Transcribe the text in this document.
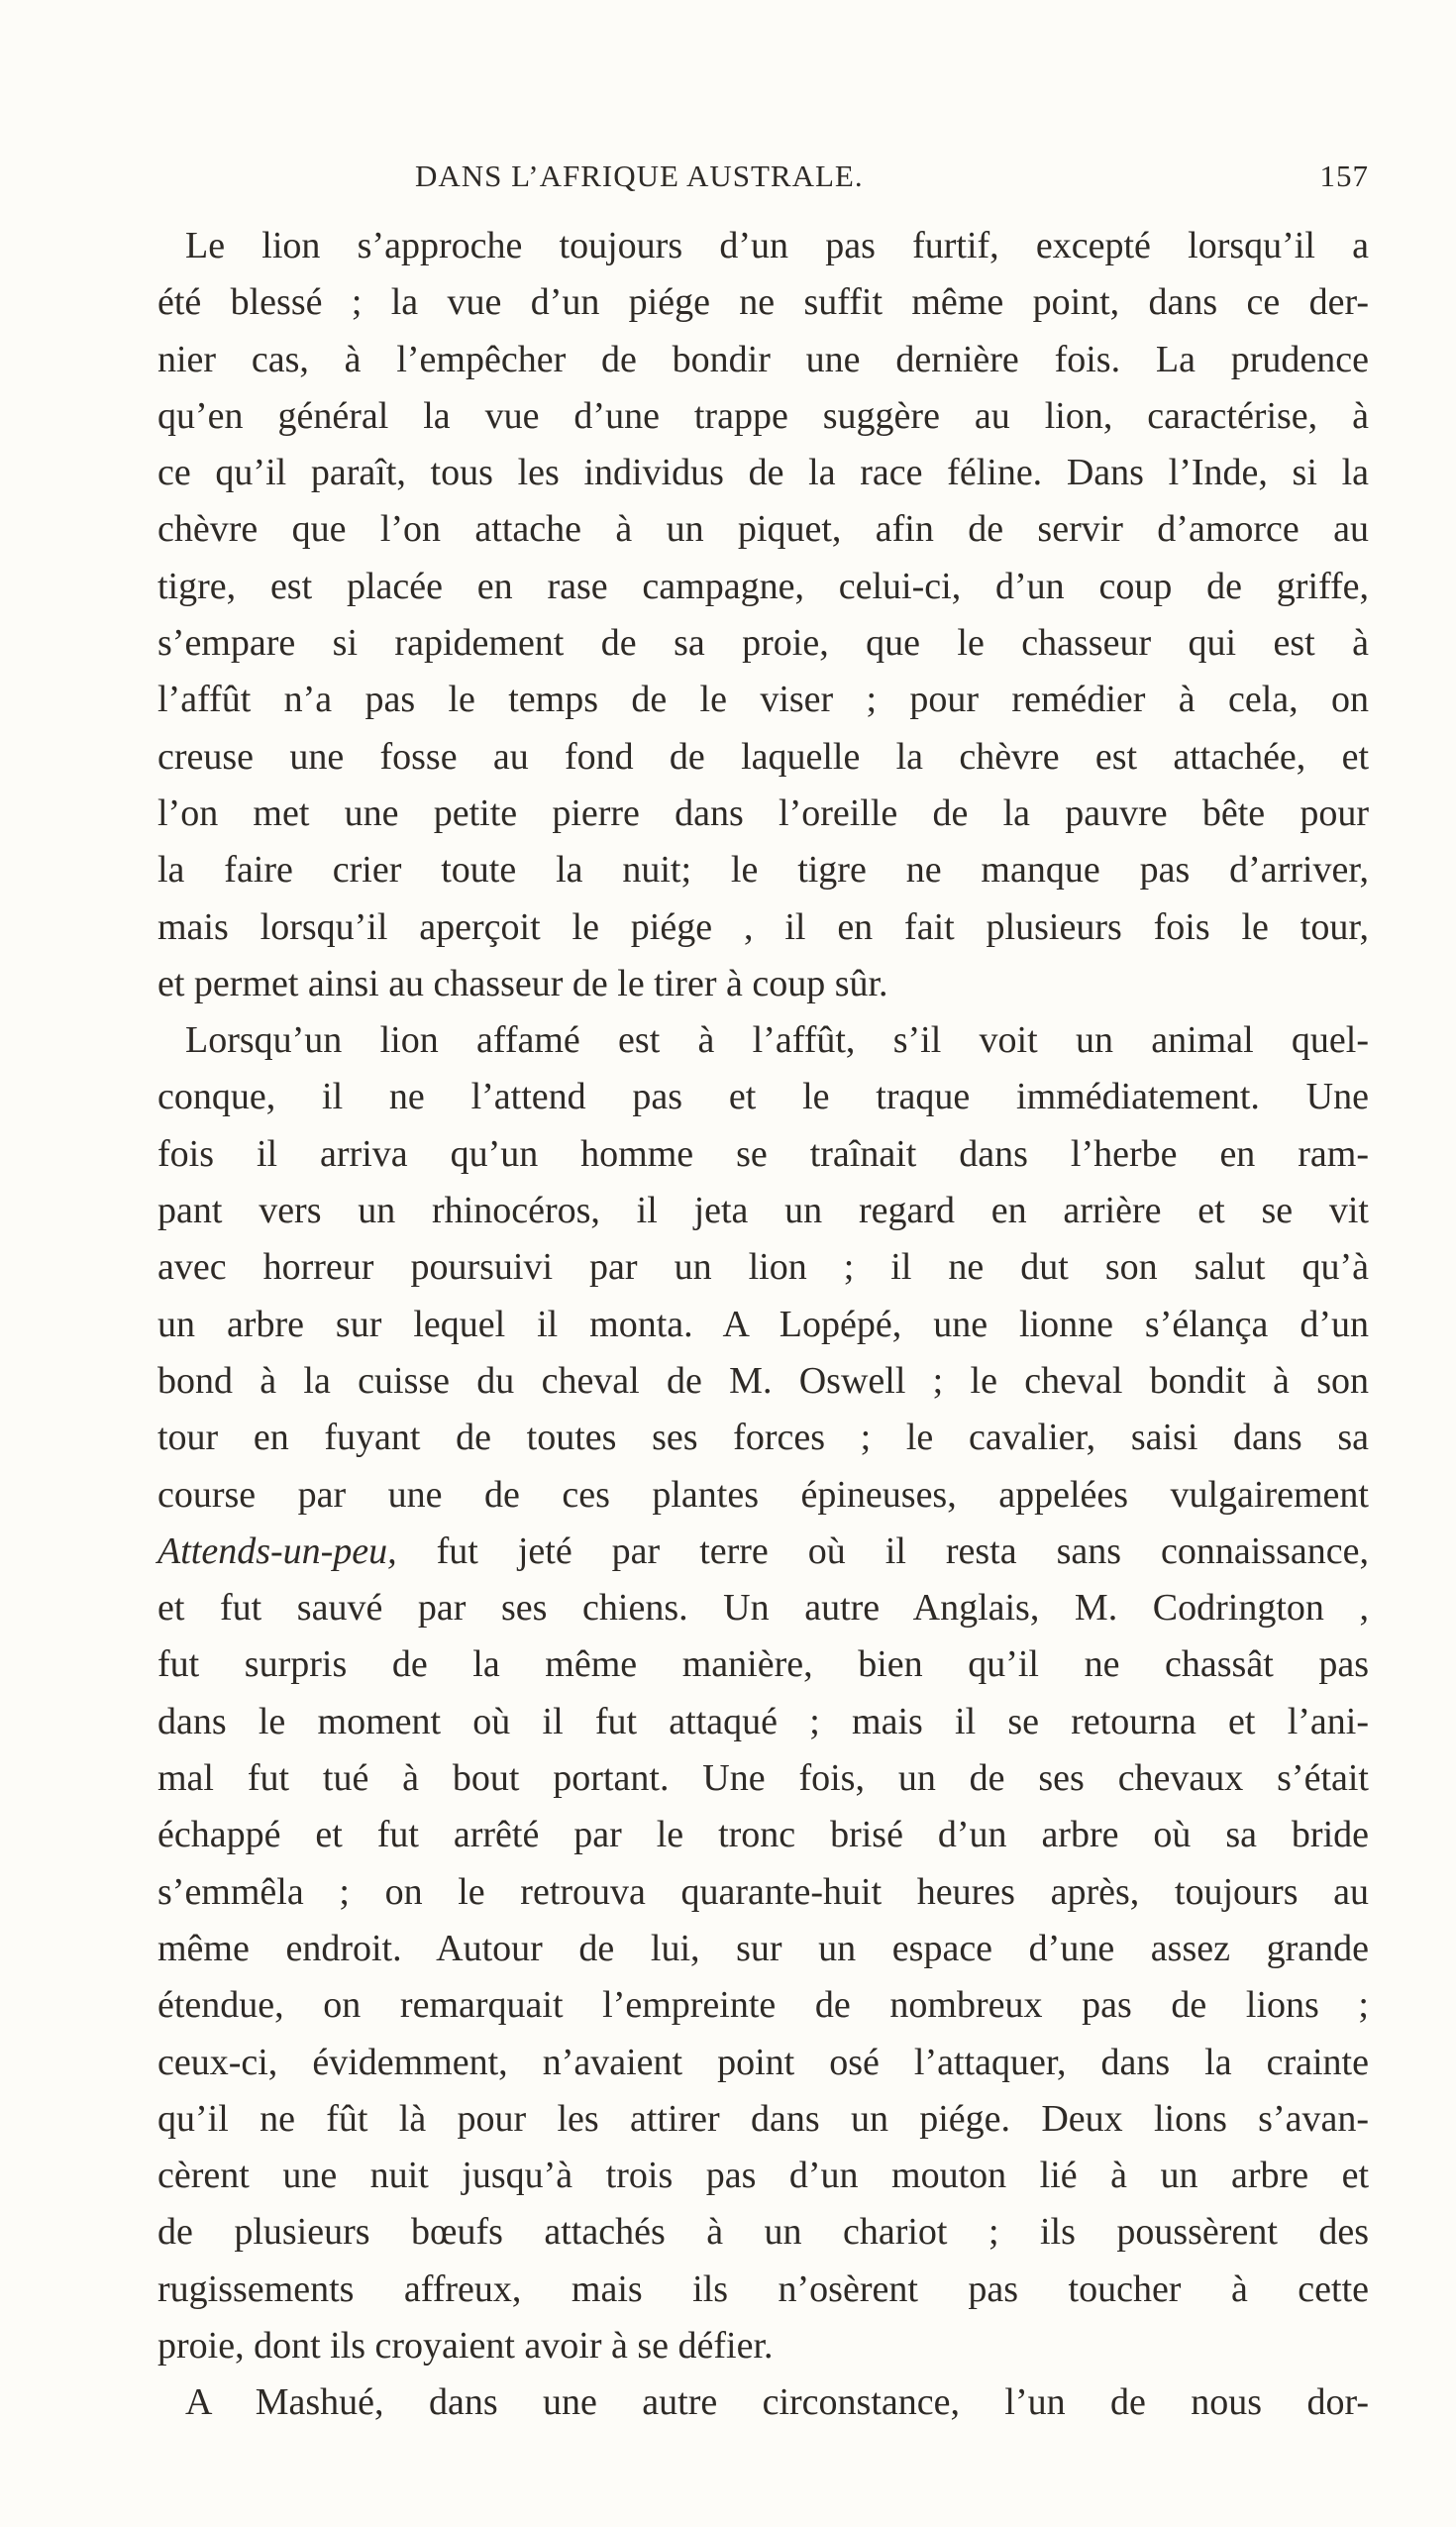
DANS L’AFRIQUE AUSTRALE.	157
Le lion s’approche toujours d’un pas furtif, excepté lorsqu’il a
été blessé ; la vue d’un piége ne suffit même point, dans ce der-
nier cas, à l’empêcher de bondir une dernière fois. La prudence
qu’en général la vue d’une trappe suggère au lion, caractérise, à
ce qu’il paraît, tous les individus de la race féline. Dans l’Inde, si la
chèvre que l’on attache à un piquet, afin de servir d’amorce au
tigre, est placée en rase campagne, celui-ci, d’un coup de griffe,
s’empare si rapidement de sa proie, que le chasseur qui est à
l’affût n’a pas le temps de le viser ; pour remédier à cela, on
creuse une fosse au fond de laquelle la chèvre est attachée, et
l’on met une petite pierre dans l’oreille de la pauvre bête pour
la faire crier toute la nuit; le tigre ne manque pas d’arriver,
mais lorsqu’il aperçoit le piége , il en fait plusieurs fois le tour,
et permet ainsi au chasseur de le tirer à coup sûr.
Lorsqu’un lion affamé est à l’affût, s’il voit un animal quel-
conque, il ne l’attend pas et le traque immédiatement. Une
fois il arriva qu’un homme se traînait dans l’herbe en ram-
pant vers un rhinocéros, il jeta un regard en arrière et se vit
avec horreur poursuivi par un lion ; il ne dut son salut qu’à
un arbre sur lequel il monta. A Lopépé, une lionne s’élança d’un
bond à la cuisse du cheval de M. Oswell ; le cheval bondit à son
tour en fuyant de toutes ses forces ; le cavalier, saisi dans sa
course par une de ces plantes épineuses, appelées vulgairement
Attends-un-peu, fut jeté par terre où il resta sans connaissance,
et fut sauvé par ses chiens. Un autre Anglais, M. Codrington ,
fut surpris de la même manière, bien qu’il ne chassât pas
dans le moment où il fut attaqué ; mais il se retourna et l’ani-
mal fut tué à bout portant. Une fois, un de ses chevaux s’était
échappé et fut arrêté par le tronc brisé d’un arbre où sa bride
s’emmêla ; on le retrouva quarante-huit heures après, toujours au
même endroit. Autour de lui, sur un espace d’une assez grande
étendue, on remarquait l’empreinte de nombreux pas de lions ;
ceux-ci, évidemment, n’avaient point osé l’attaquer, dans la crainte
qu’il ne fût là pour les attirer dans un piége. Deux lions s’avan-
cèrent une nuit jusqu’à trois pas d’un mouton lié à un arbre et
de plusieurs bœufs attachés à un chariot ; ils poussèrent des
rugissements affreux, mais ils n’osèrent pas toucher à cette
proie, dont ils croyaient avoir à se défier.
A Mashué, dans une autre circonstance, l’un de nous dor-
